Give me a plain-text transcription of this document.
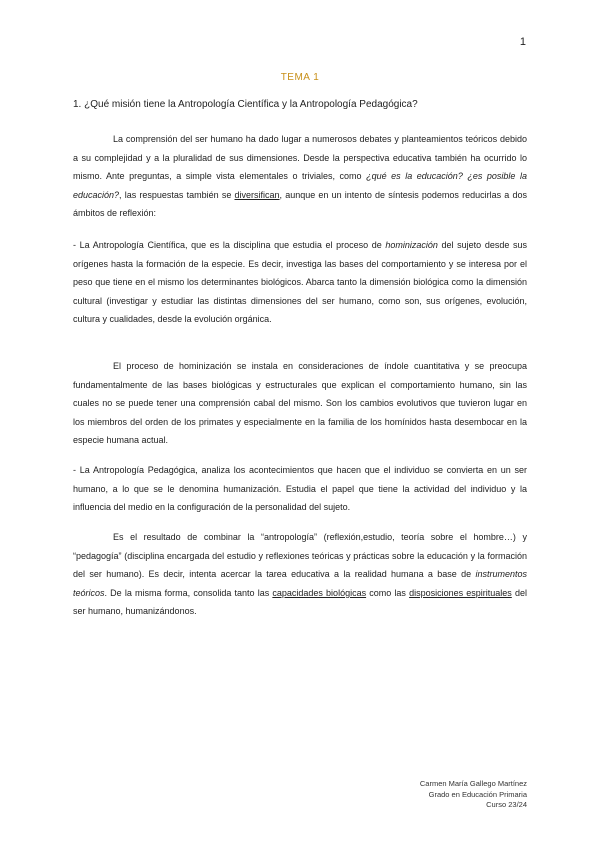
1
TEMA 1
1. ¿Qué misión tiene la Antropología Científica y la Antropología Pedagógica?

La comprensión del ser humano ha dado lugar a numerosos debates y planteamientos teóricos debido a su complejidad y a la pluralidad de sus dimensiones. Desde la perspectiva educativa también ha ocurrido lo mismo. Ante preguntas, a simple vista elementales o triviales, como ¿qué es la educación? ¿es posible la educación?, las respuestas también se diversifican, aunque en un intento de síntesis podemos reducirlas a dos ámbitos de reflexión:

- La Antropología Científica, que es la disciplina que estudia el proceso de hominización del sujeto desde sus orígenes hasta la formación de la especie. Es decir, investiga las bases del comportamiento y se interesa por el peso que tiene en el mismo los determinantes biológicos. Abarca tanto la dimensión biológica como la dimensión cultural (investigar y estudiar las distintas dimensiones del ser humano, como son, sus orígenes, evolución, cultura y cualidades, desde la evolución orgánica.

El proceso de hominización se instala en consideraciones de índole cuantitativa y se preocupa fundamentalmente de las bases biológicas y estructurales que explican el comportamiento humano, sin las cuales no se puede tener una comprensión cabal del mismo. Son los cambios evolutivos que tuvieron lugar en los miembros del orden de los primates y especialmente en la familia de los homínidos hasta desembocar en la especie humana actual.

- La Antropología Pedagógica, analiza los acontecimientos que hacen que el individuo se convierta en un ser humano, a lo que se le denomina humanización. Estudia el papel que tiene la actividad del individuo y la influencia del medio en la configuración de la personalidad del sujeto.

Es el resultado de combinar la “antropología” (reflexión,estudio, teoría sobre el hombre…) y “pedagogía” (disciplina encargada del estudio y reflexiones teóricas y prácticas sobre la educación y la formación del ser humano). Es decir, intenta acercar la tarea educativa a la realidad humana a base de instrumentos teóricos. De la misma forma, consolida tanto las capacidades biológicas como las disposiciones espirituales del ser humano, humanizándonos.

Carmen María Gallego Martínez
Grado en Educación Primaria
Curso 23/24
